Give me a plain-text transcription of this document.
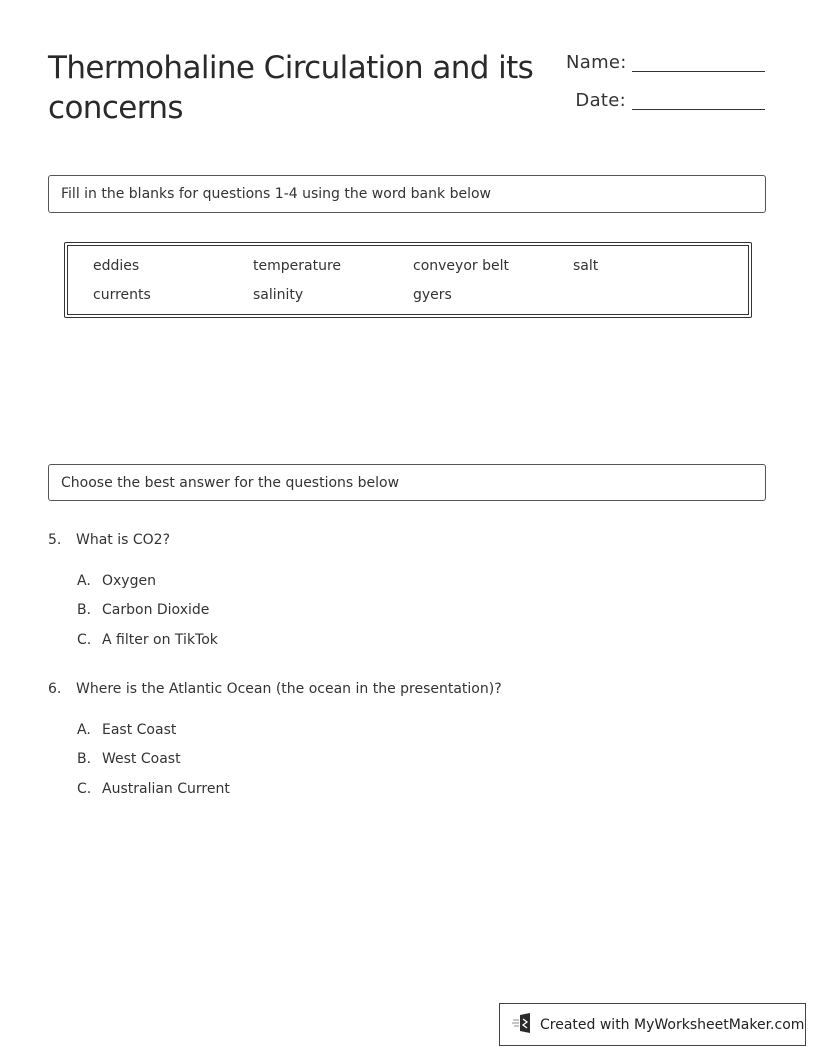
Thermohaline Circulation and its concerns
Name:
Date:
Fill in the blanks for questions 1-4 using the word bank below
eddies	temperature	conveyor belt	salt
currents	salinity	gyers
Choose the best answer for the questions below
5. What is CO2?
A. Oxygen
B. Carbon Dioxide
C. A filter on TikTok
6. Where is the Atlantic Ocean (the ocean in the presentation)?
A. East Coast
B. West Coast
C. Australian Current
Created with MyWorksheetMaker.com
